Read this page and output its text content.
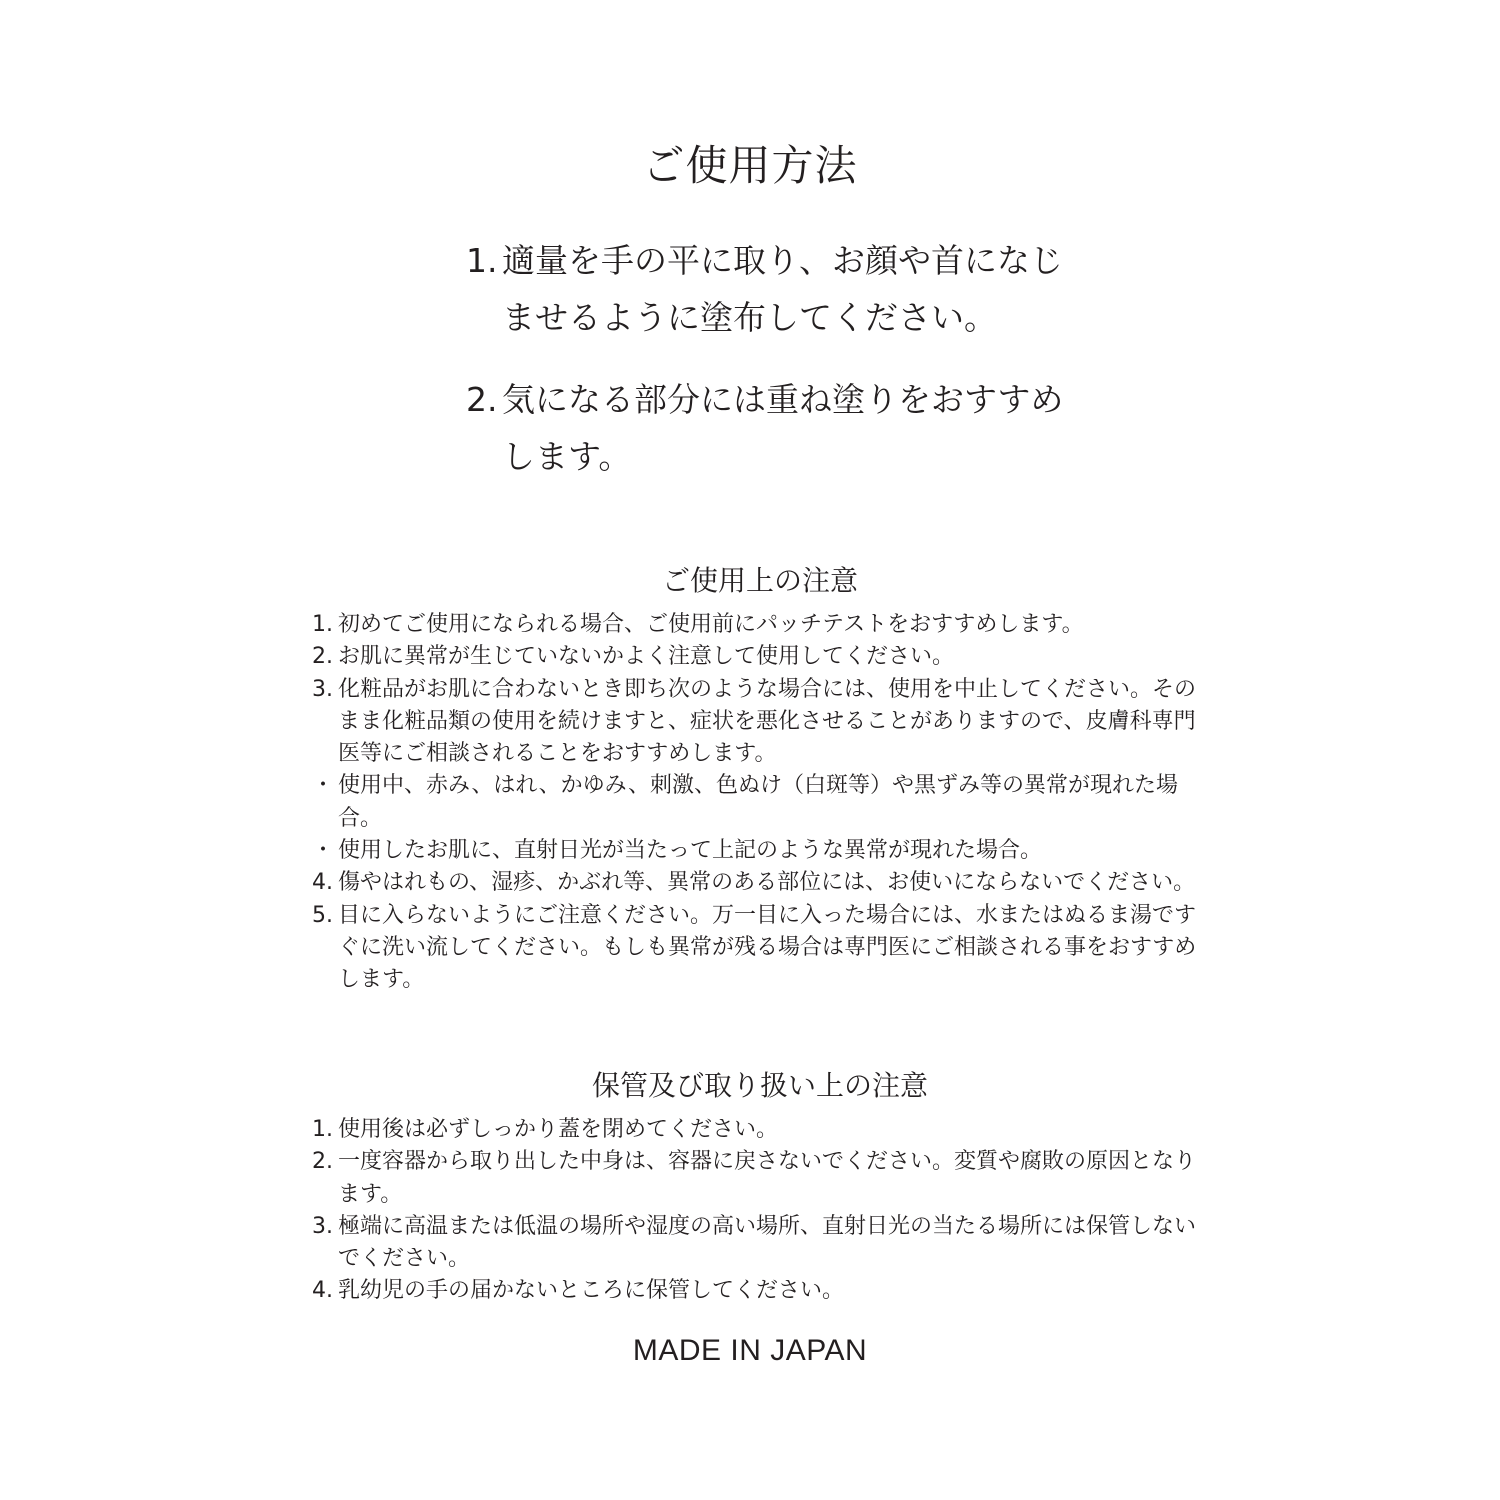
ご使用方法
1. 適量を手の平に取り、お顔や首になじませるように塗布してください。
2. 気になる部分には重ね塗りをおすすめします。
ご使用上の注意
1. 初めてご使用になられる場合、ご使用前にパッチテストをおすすめします。
2. お肌に異常が生じていないかよく注意して使用してください。
3. 化粧品がお肌に合わないとき即ち次のような場合には、使用を中止してください。そのまま化粧品類の使用を続けますと、症状を悪化させることがありますので、皮膚科専門医等にご相談されることをおすすめします。
・ 使用中、赤み、はれ、かゆみ、刺激、色ぬけ（白斑等）や黒ずみ等の異常が現れた場合。
・ 使用したお肌に、直射日光が当たって上記のような異常が現れた場合。
4. 傷やはれもの、湿疹、かぶれ等、異常のある部位には、お使いにならないでください。
5. 目に入らないようにご注意ください。万一目に入った場合には、水またはぬるま湯ですぐに洗い流してください。もしも異常が残る場合は専門医にご相談される事をおすすめします。
保管及び取り扱い上の注意
1. 使用後は必ずしっかり蓋を閉めてください。
2. 一度容器から取り出した中身は、容器に戻さないでください。変質や腐敗の原因となります。
3. 極端に高温または低温の場所や湿度の高い場所、直射日光の当たる場所には保管しないでください。
4. 乳幼児の手の届かないところに保管してください。
MADE IN JAPAN
